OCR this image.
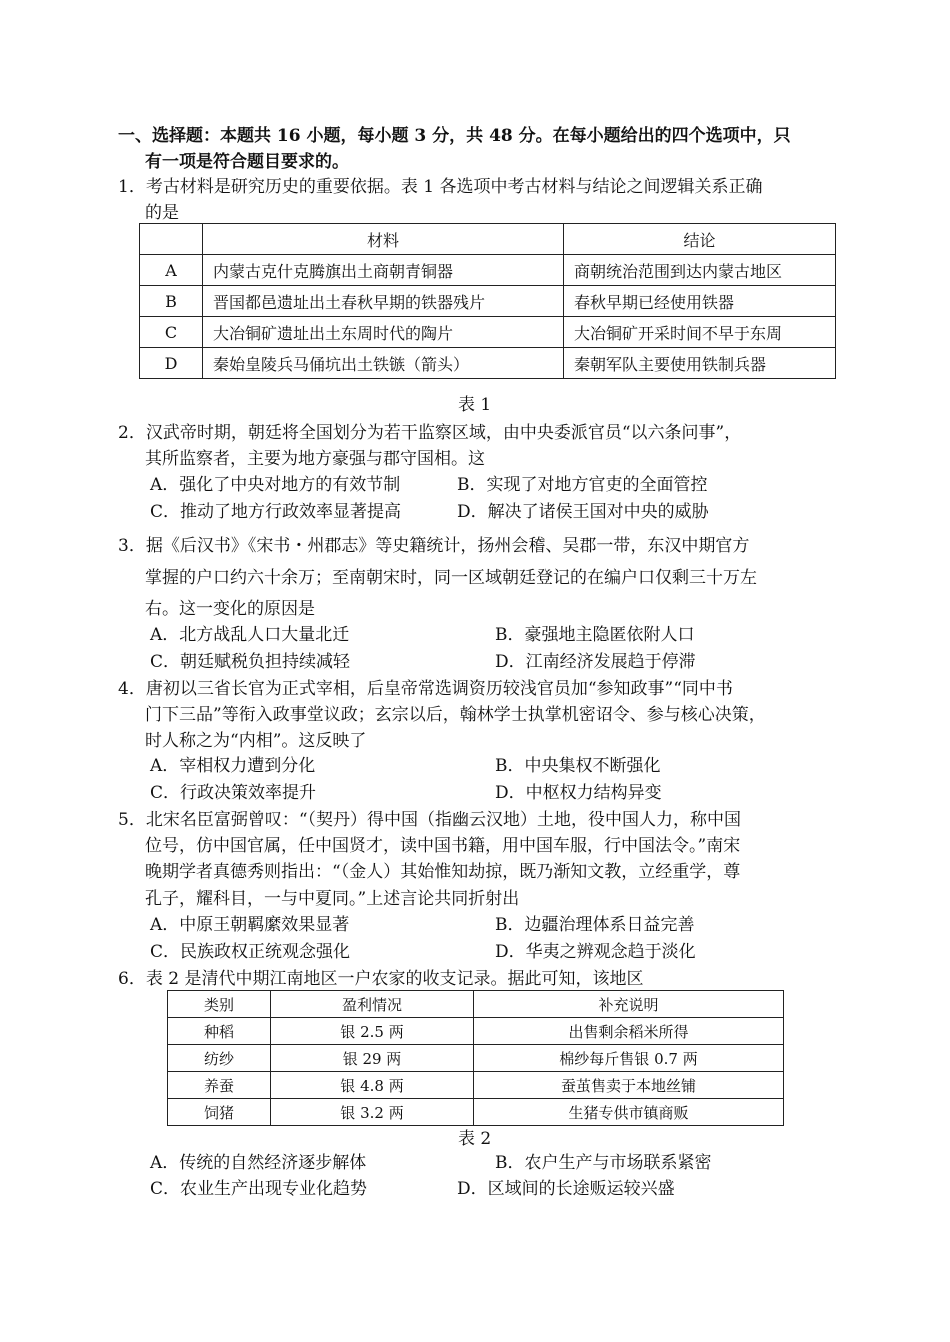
一、选择题：本题共 16 小题，每小题 3 分，共 48 分。在每小题给出的四个选项中，只
有一项是符合题目要求的。
1．考古材料是研究历史的重要依据。表 1 各选项中考古材料与结论之间逻辑关系正确
的是
	材料	结论
A	内蒙古克什克腾旗出土商朝青铜器	商朝统治范围到达内蒙古地区
B	晋国都邑遗址出土春秋早期的铁器残片	春秋早期已经使用铁器
C	大冶铜矿遗址出土东周时代的陶片	大冶铜矿开采时间不早于东周
D	秦始皇陵兵马俑坑出土铁镞（箭头）	秦朝军队主要使用铁制兵器
表 1
2．汉武帝时期，朝廷将全国划分为若干监察区域，由中央委派官员“以六条问事”，
其所监察者，主要为地方豪强与郡守国相。这
A．强化了中央对地方的有效节制	B．实现了对地方官吏的全面管控
C．推动了地方行政效率显著提高	D．解决了诸侯王国对中央的威胁
3．据《后汉书》《宋书・州郡志》等史籍统计，扬州会稽、吴郡一带，东汉中期官方
掌握的户口约六十余万；至南朝宋时，同一区域朝廷登记的在编户口仅剩三十万左
右。这一变化的原因是
A．北方战乱人口大量北迁	B．豪强地主隐匿依附人口
C．朝廷赋税负担持续减轻	D．江南经济发展趋于停滞
4．唐初以三省长官为正式宰相，后皇帝常选调资历较浅官员加“参知政事”“同中书
门下三品”等衔入政事堂议政；玄宗以后，翰林学士执掌机密诏令、参与核心决策，
时人称之为“内相”。这反映了
A．宰相权力遭到分化	B．中央集权不断强化
C．行政决策效率提升	D．中枢权力结构异变
5．北宋名臣富弼曾叹：“（契丹）得中国（指幽云汉地）土地，役中国人力，称中国
位号，仿中国官属，任中国贤才，读中国书籍，用中国车服，行中国法令。”南宋
晚期学者真德秀则指出：“（金人）其始惟知劫掠，既乃渐知文教，立经重学，尊
孔子，耀科目，一与中夏同。”上述言论共同折射出
A．中原王朝羁縻效果显著	B．边疆治理体系日益完善
C．民族政权正统观念强化	D．华夷之辨观念趋于淡化
6．表 2 是清代中期江南地区一户农家的收支记录。据此可知，该地区
类别	盈利情况	补充说明
种稻	银 2.5 两	出售剩余稻米所得
纺纱	银 29 两	棉纱每斤售银 0.7 两
养蚕	银 4.8 两	蚕茧售卖于本地丝铺
饲猪	银 3.2 两	生猪专供市镇商贩
表 2
A．传统的自然经济逐步解体	B．农户生产与市场联系紧密
C．农业生产出现专业化趋势	D．区域间的长途贩运较兴盛
